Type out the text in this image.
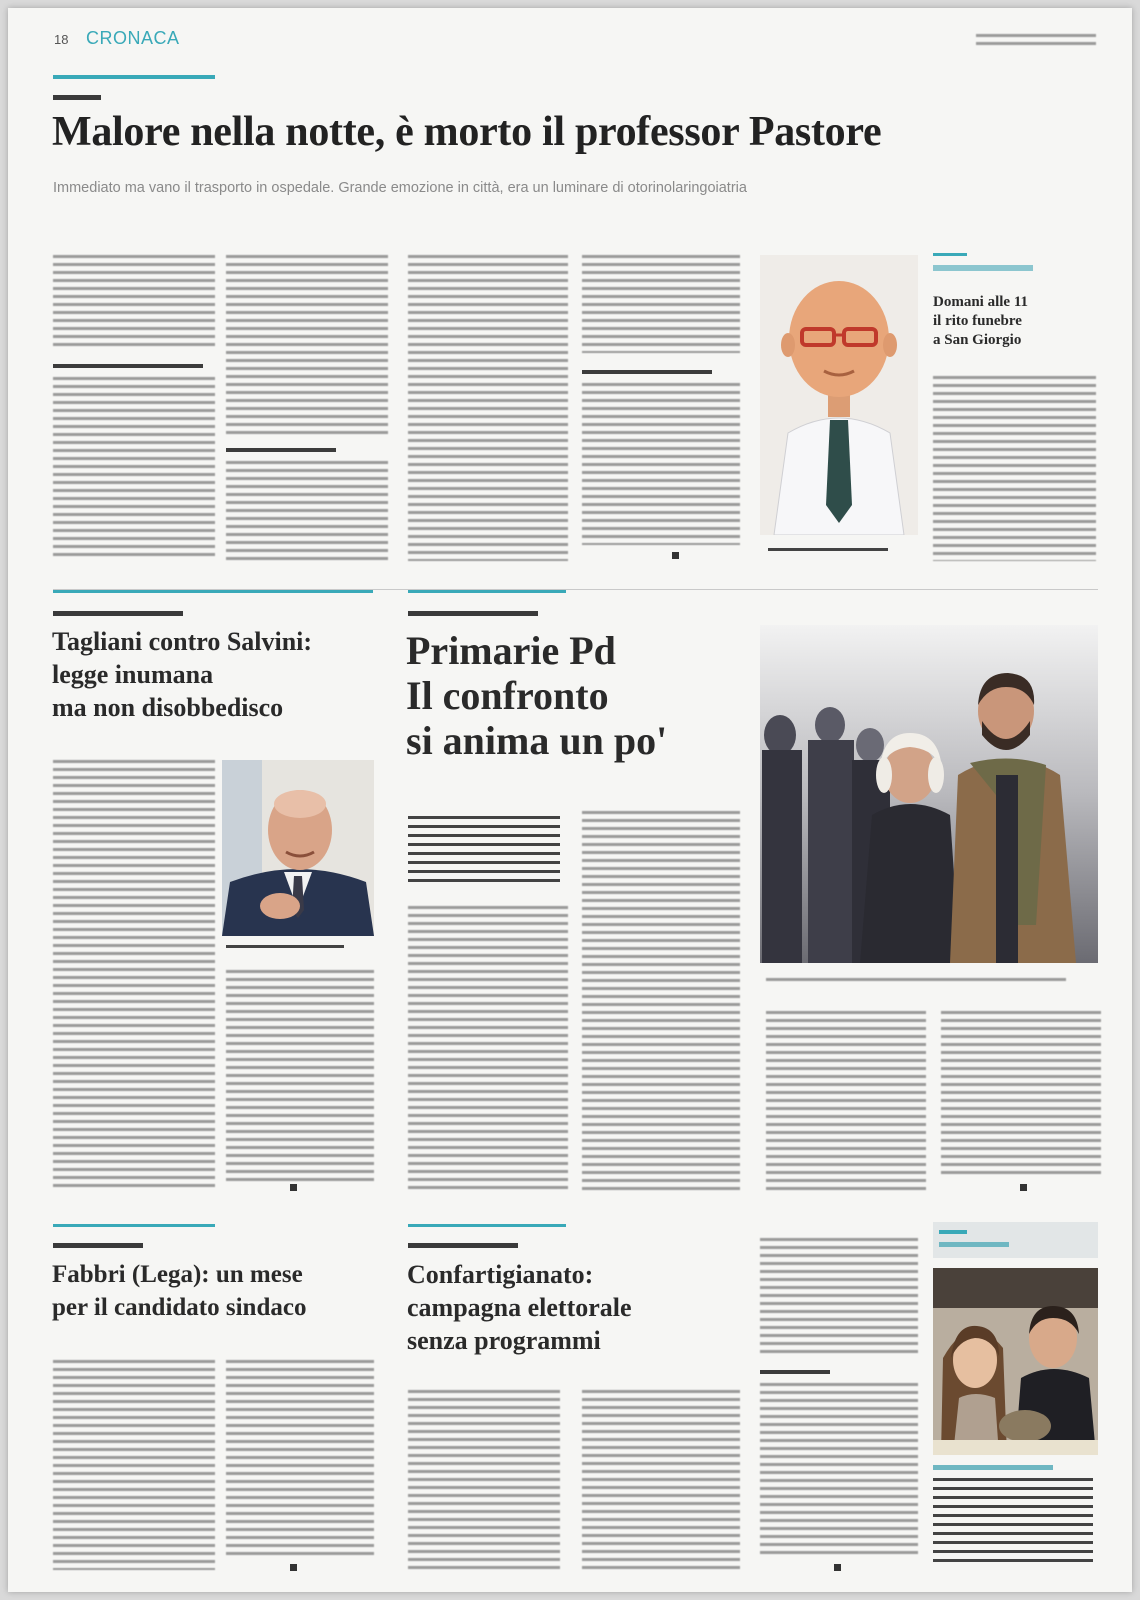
18 CRONACA
Malore nella notte, è morto il professor Pastore
Immediato ma vano il trasporto in ospedale. Grande emozione in città, era un luminare di otorinolaringoiatria
Domani alle 11
il rito funebre
a San Giorgio
Tagliani contro Salvini:
legge inumana
ma non disobbedisco
Primarie Pd
Il confronto
si anima un po'
Fabbri (Lega): un mese
per il candidato sindaco
Confartigianato:
campagna elettorale
senza programmi
